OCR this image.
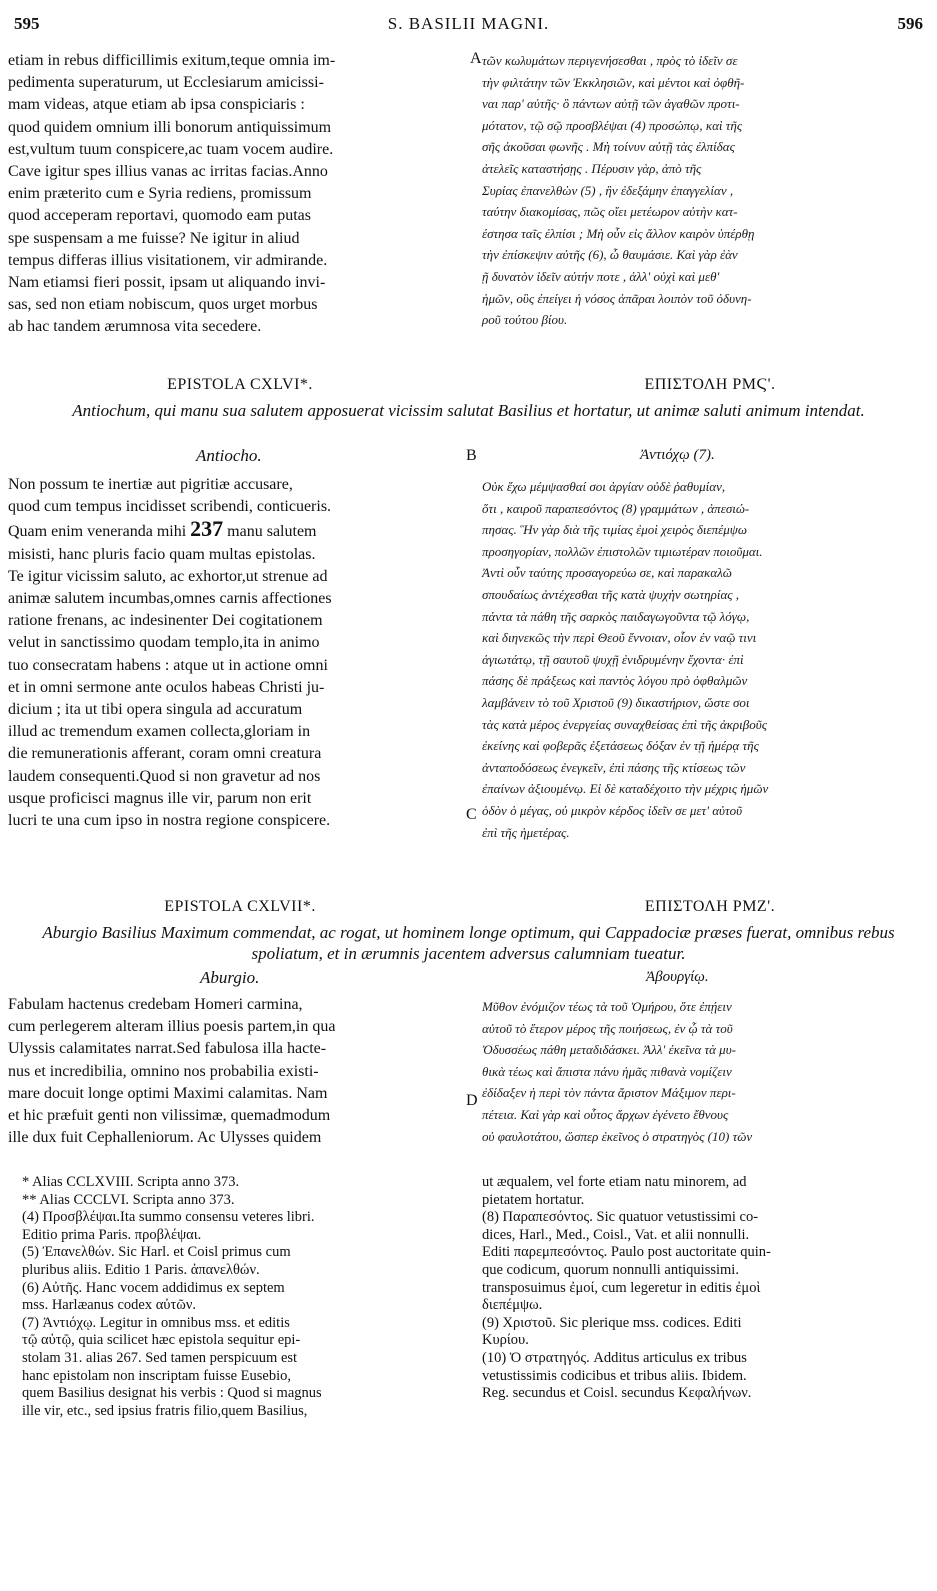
595	S. BASILII MAGNI.	596

etiam in rebus difficillimis exitum,teque omnia im-
pedimenta superaturum, ut Ecclesiarum amicissi-
mam videas, atque etiam ab ipsa conspiciaris :
quod quidem omnium illi bonorum antiquissimum
est,vultum tuum conspicere,ac tuam vocem audire.
Cave igitur spes illius vanas ac irritas facias.Anno
enim præterito cum e Syria rediens, promissum
quod acceperam reportavi, quomodo eam putas
spe suspensam a me fuisse? Ne igitur in aliud
tempus differas illius visitationem, vir admirande.
Nam etiamsi fieri possit, ipsam ut aliquando invi-
sas, sed non etiam nobiscum, quos urget morbus
ab hac tandem ærumnosa vita secedere.

A τῶν κωλυμάτων περιγενήσεσθαι , πρὸς τὸ ἰδεῖν σε
τὴν φιλτάτην τῶν Ἐκκλησιῶν, καὶ μέντοι καὶ ὀφθῆ-
ναι παρ' αὐτῆς· ὃ πάντων αὐτῇ τῶν ἀγαθῶν προτι-
μότατον, τῷ σῷ προσβλέψαι (4) προσώπῳ, καὶ τῆς
σῆς ἀκοῦσαι φωνῆς . Μὴ τοίνυν αὐτῇ τὰς ἐλπίδας
ἀτελεῖς καταστήσῃς . Πέρυσιν γὰρ, ἀπὸ τῆς
Συρίας ἐπανελθὼν (5) , ἣν ἐδεξάμην ἐπαγγελίαν ,
ταύτην διακομίσας, πῶς οἴει μετέωρον αὐτὴν κατ-
έστησα ταῖς ἐλπίσι ; Μὴ οὖν εἰς ἄλλον καιρὸν ὑπέρθῃ
τὴν ἐπίσκεψιν αὐτῆς (6), ὦ θαυμάσιε. Καὶ γὰρ ἐὰν
ῇ δυνατὸν ἰδεῖν αὐτήν ποτε , ἀλλ' οὐχὶ καὶ μεθ'
ἡμῶν, οὓς ἐπείγει ἡ νόσος ἀπᾶραι λοιπὸν τοῦ ὀδυνη-
ροῦ τούτου βίου.

EPISTOLA CXLVI*.	ΕΠΙΣΤΟΛΗ ΡΜϚ'.
Antiochum, qui manu sua salutem apposuerat vicissim salutat Basilius et hortatur, ut animæ saluti animum intendat.
Antiocho.	B	Ἀντιόχῳ (7).

Non possum te inertiæ aut pigritiæ accusare,
quod cum tempus incidisset scribendi, conticueris.
Quam enim veneranda mihi 237 manu salutem
misisti, hanc pluris facio quam multas epistolas.
Te igitur vicissim saluto, ac exhortor,ut strenue ad
animæ salutem incumbas,omnes carnis affectiones
ratione frenans, ac indesinenter Dei cogitationem
velut in sanctissimo quodam templo,ita in animo
tuo consecratam habens : atque ut in actione omni
et in omni sermone ante oculos habeas Christi ju-
dicium ; ita ut tibi opera singula ad accuratum
illud ac tremendum examen collecta,gloriam in
die remunerationis afferant, coram omni creatura
laudem consequenti.Quod si non gravetur ad nos
usque proficisci magnus ille vir, parum non erit
lucri te una cum ipso in nostra regione conspicere.	C

Οὐκ ἔχω μέμψασθαί σοι ἀργίαν οὐδὲ ῥαθυμίαν,
ὅτι , καιροῦ παραπεσόντος (8) γραμμάτων , ἀπεσιώ-
πησας. Ἣν γὰρ διὰ τῆς τιμίας ἐμοὶ χειρὸς διεπέμψω
προσηγορίαν, πολλῶν ἐπιστολῶν τιμιωτέραν ποιοῦμαι.
Ἀντὶ οὖν ταύτης προσαγορεύω σε, καὶ παρακαλῶ
σπουδαίως ἀντέχεσθαι τῆς κατὰ ψυχὴν σωτηρίας ,
πάντα τὰ πάθη τῆς σαρκὸς παιδαγωγοῦντα τῷ λόγῳ,
καὶ διηνεκῶς τὴν περὶ Θεοῦ ἔννοιαν, οἷον ἐν ναῷ τινι
ἁγιωτάτῳ, τῇ σαυτοῦ ψυχῇ ἐνιδρυμένην ἔχοντα· ἐπὶ
πάσης δὲ πράξεως καὶ παντὸς λόγου πρὸ ὀφθαλμῶν
λαμβάνειν τὸ τοῦ Χριστοῦ (9) δικαστήριον, ὥστε σοι
τὰς κατὰ μέρος ἐνεργείας συναχθείσας ἐπὶ τῆς ἀκριβοῦς
ἐκείνης καὶ φοβερᾶς ἐξετάσεως δόξαν ἐν τῇ ἡμέρᾳ τῆς
ἀνταποδόσεως ἐνεγκεῖν, ἐπὶ πάσης τῆς κτίσεως τῶν
ἐπαίνων ἀξιουμένῳ. Εἰ δὲ καταδέχοιτο τὴν μέχρις ἡμῶν
ὁδὸν ὁ μέγας, οὐ μικρὸν κέρδος ἰδεῖν σε μετ' αὐτοῦ
ἐπὶ τῆς ἡμετέρας.

EPISTOLA CXLVII*.	ΕΠΙΣΤΟΛΗ ΡΜΖ'.
Aburgio Basilius Maximum commendat, ac rogat, ut hominem longe optimum, qui Cappadociæ præses fuerat, omnibus rebus spoliatum, et in ærumnis jacentem adversus calumniam tueatur.
Aburgio.	Ἀβουργίῳ.

Fabulam hactenus credebam Homeri carmina,
cum perlegerem alteram illius poesis partem,in qua
Ulyssis calamitates narrat.Sed fabulosa illa hacte-
nus et incredibilia, omnino nos probabilia existi-
mare docuit longe optimi Maximi calamitas. Nam
et hic præfuit genti non vilissimæ, quemadmodum
ille dux fuit Cephalleniorum. Ac Ulysses quidem

D

Μῦθον ἐνόμιζον τέως τὰ τοῦ Ὁμήρου, ὅτε ἐπῄειν
αὐτοῦ τὸ ἕτερον μέρος τῆς ποιήσεως, ἐν ᾧ τὰ τοῦ
Ὀδυσσέως πάθη μεταδιδάσκει. Ἀλλ' ἐκεῖνα τὰ μυ-
θικὰ τέως καὶ ἄπιστα πάνυ ἡμᾶς πιθανὰ νομίζειν
ἐδίδαξεν ἡ περὶ τὸν πάντα ἄριστον Μάξιμον περι-
πέτεια. Καὶ γὰρ καὶ οὗτος ἄρχων ἐγένετο ἔθνους
οὐ φαυλοτάτου, ὥσπερ ἐκεῖνος ὁ στρατηγὸς (10) τῶν

* Alias CCLXVIII. Scripta anno 373.
** Alias CCCLVI. Scripta anno 373.
(4) Προσβλέψαι.Ita summo consensu veteres libri.
Editio prima Paris. προβλέψαι.
(5) Ἐπανελθών. Sic Harl. et Coisl primus cum
pluribus aliis. Editio 1 Paris. ἀπανελθών.
(6) Αὐτῆς. Hanc vocem addidimus ex septem
mss. Harlæanus codex αὐτῶν.
(7) Ἀντιόχῳ. Legitur in omnibus mss. et editis
τῷ αὐτῷ, quia scilicet hæc epistola sequitur epi-
stolam 31. alias 267. Sed tamen perspicuum est
hanc epistolam non inscriptam fuisse Eusebio,
quem Basilius designat his verbis : Quod si magnus
ille vir, etc., sed ipsius fratris filio,quem Basilius,

ut æqualem, vel forte etiam natu minorem, ad
pietatem hortatur.
(8) Παραπεσόντος. Sic quatuor vetustissimi co-
dices, Harl., Med., Coisl., Vat. et alii nonnulli.
Editi παρεμπεσόντος. Paulo post auctoritate quin-
que codicum, quorum nonnulli antiquissimi.
transposuimus ἐμοί, cum legeretur in editis ἐμοὶ
διεπέμψω.
(9) Χριστοῦ. Sic plerique mss. codices. Editi
Κυρίου.
(10) Ὁ στρατηγός. Additus articulus ex tribus
vetustissimis codicibus et tribus aliis. Ibidem.
Reg. secundus et Coisl. secundus Κεφαλήνων.
